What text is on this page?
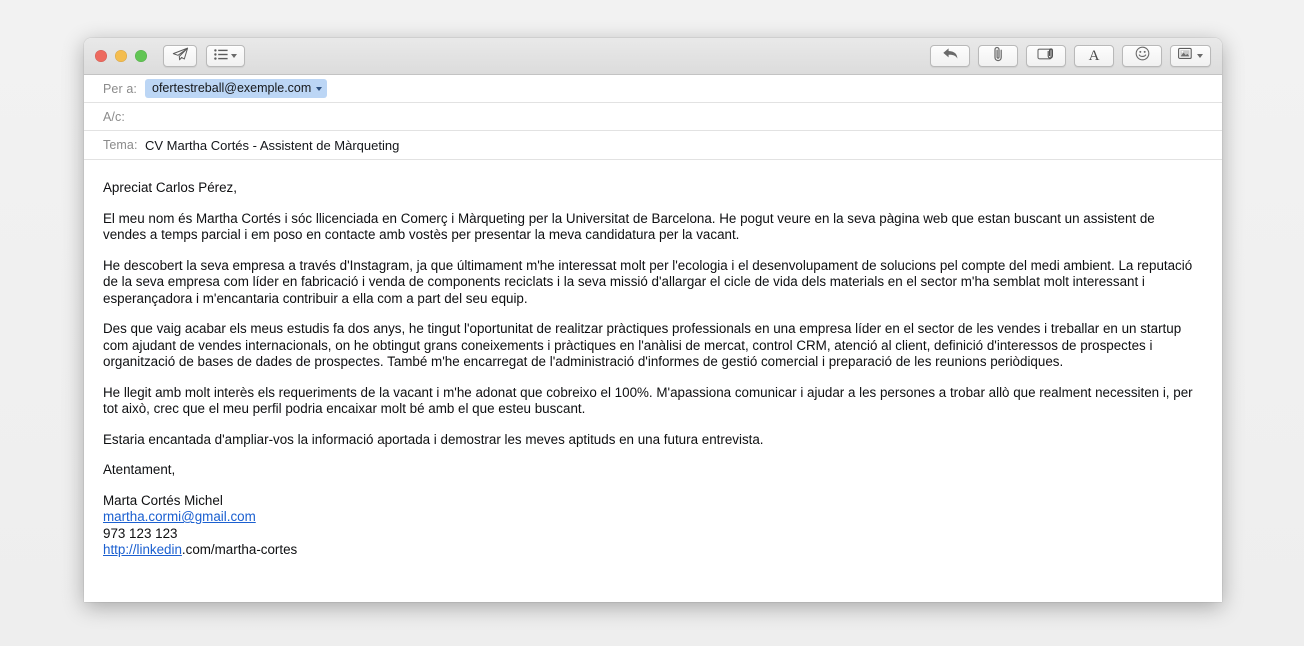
A
Per a:	ofertestreball@exemple.com
A/c:
Tema: CV Martha Cortés - Assistent de Màrqueting

Apreciat Carlos Pérez,

El meu nom és Martha Cortés i sóc llicenciada en Comerç i Màrqueting per la Universitat de Barcelona. He pogut veure en la seva pàgina web que estan buscant un assistent de vendes a temps parcial i em poso en contacte amb vostès per presentar la meva candidatura per la vacant.

He descobert la seva empresa a través d'Instagram, ja que últimament m'he interessat molt per l'ecologia i el desenvolupament de solucions pel compte del medi ambient. La reputació de la seva empresa com líder en fabricació i venda de components reciclats i la seva missió d'allargar el cicle de vida dels materials en el sector m'ha semblat molt interessant i esperançadora i m'encantaria contribuir a ella com a part del seu equip.

Des que vaig acabar els meus estudis fa dos anys, he tingut l'oportunitat de realitzar pràctiques professionals en una empresa líder en el sector de les vendes i treballar en un startup com ajudant de vendes internacionals, on he obtingut grans coneixements i pràctiques en l'anàlisi de mercat, control CRM, atenció al client, definició d'interessos de prospectes i organització de bases de dades de prospectes. També m'he encarregat de l'administració d'informes de gestió comercial i preparació de les reunions periòdiques.

He llegit amb molt interès els requeriments de la vacant i m'he adonat que cobreixo el 100%. M'apassiona comunicar i ajudar a les persones a trobar allò que realment necessiten i, per tot això, crec que el meu perfil podria encaixar molt bé amb el que esteu buscant.

Estaria encantada d'ampliar-vos la informació aportada i demostrar les meves aptituds en una futura entrevista.

Atentament,

Marta Cortés Michel
martha.cormi@gmail.com
973 123 123
http://linkedin.com/martha-cortes
